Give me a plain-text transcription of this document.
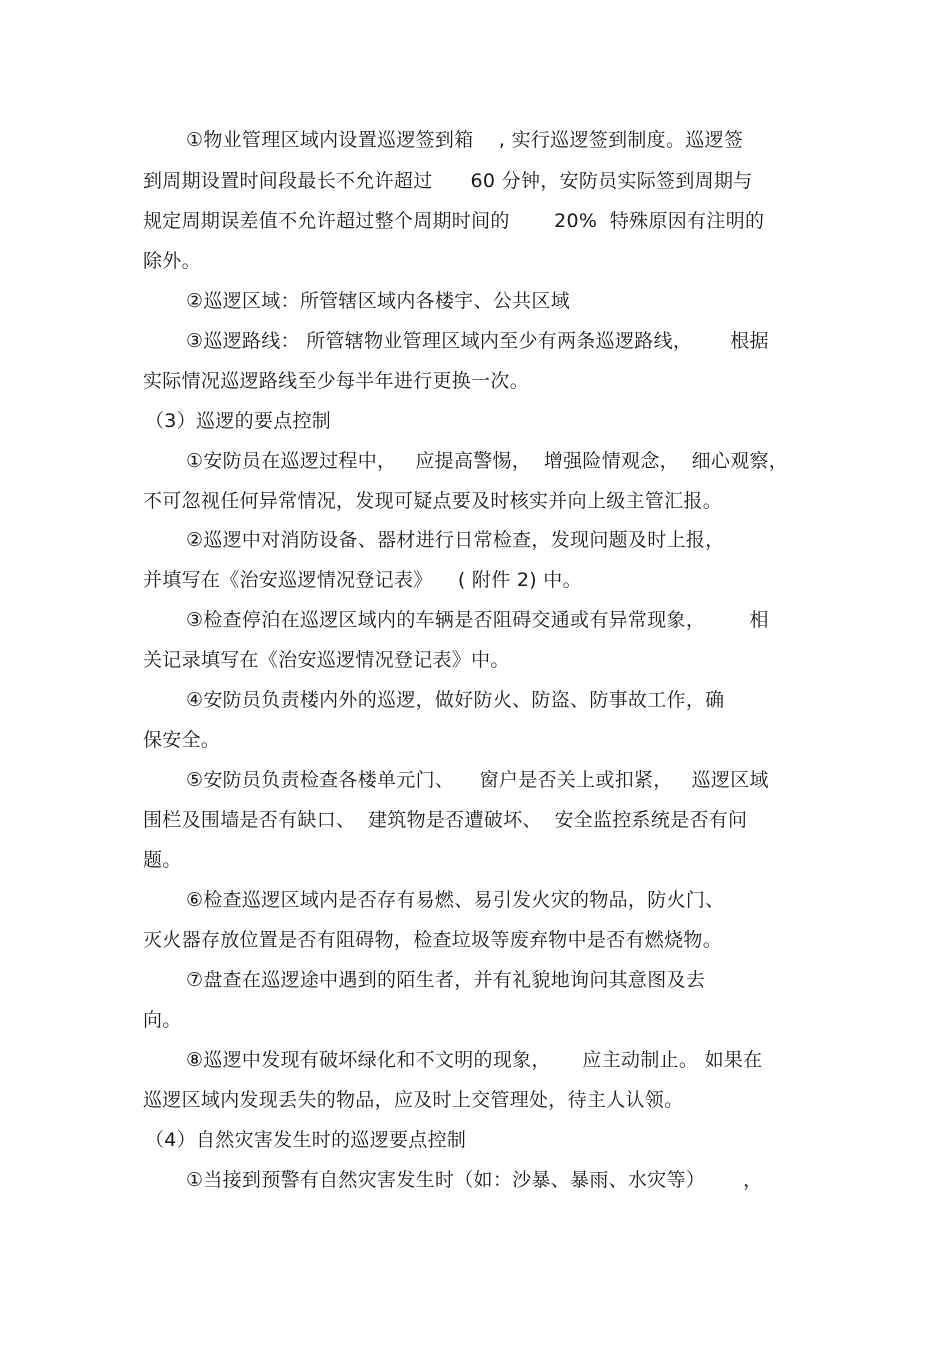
①物业管理区域内设置巡逻签到箱    , 实行巡逻签到制度。巡逻签
到周期设置时间段最长不允许超过      60 分钟，安防员实际签到周期与
规定周期误差值不允许超过整个周期时间的       20%  特殊原因有注明的
除外。
②巡逻区域：所管辖区域内各楼宇、公共区域
③巡逻路线： 所管辖物业管理区域内至少有两条巡逻路线，      根据
实际情况巡逻路线至少每半年进行更换一次。
（3）巡逻的要点控制
①安防员在巡逻过程中，   应提高警惕，  增强险情观念，  细心观察，
不可忽视任何异常情况，发现可疑点要及时核实并向上级主管汇报。
②巡逻中对消防设备、器材进行日常检查，发现问题及时上报，
并填写在《治安巡逻情况登记表》    ( 附件 2) 中。
③检查停泊在巡逻区域内的车辆是否阻碍交通或有异常现象，       相
关记录填写在《治安巡逻情况登记表》中。
④安防员负责楼内外的巡逻，做好防火、防盗、防事故工作，确
保安全。
⑤安防员负责检查各楼单元门、    窗户是否关上或扣紧，   巡逻区域
围栏及围墙是否有缺口、  建筑物是否遭破坏、  安全监控系统是否有问
题。
⑥检查巡逻区域内是否存有易燃、易引发火灾的物品，防火门、
灭火器存放位置是否有阻碍物，检查垃圾等废弃物中是否有燃烧物。
⑦盘查在巡逻途中遇到的陌生者，并有礼貌地询问其意图及去
向。
⑧巡逻中发现有破坏绿化和不文明的现象，     应主动制止。 如果在
巡逻区域内发现丢失的物品，应及时上交管理处，待主人认领。
（4）自然灾害发生时的巡逻要点控制
①当接到预警有自然灾害发生时（如：沙暴、暴雨、水灾等）      ，
